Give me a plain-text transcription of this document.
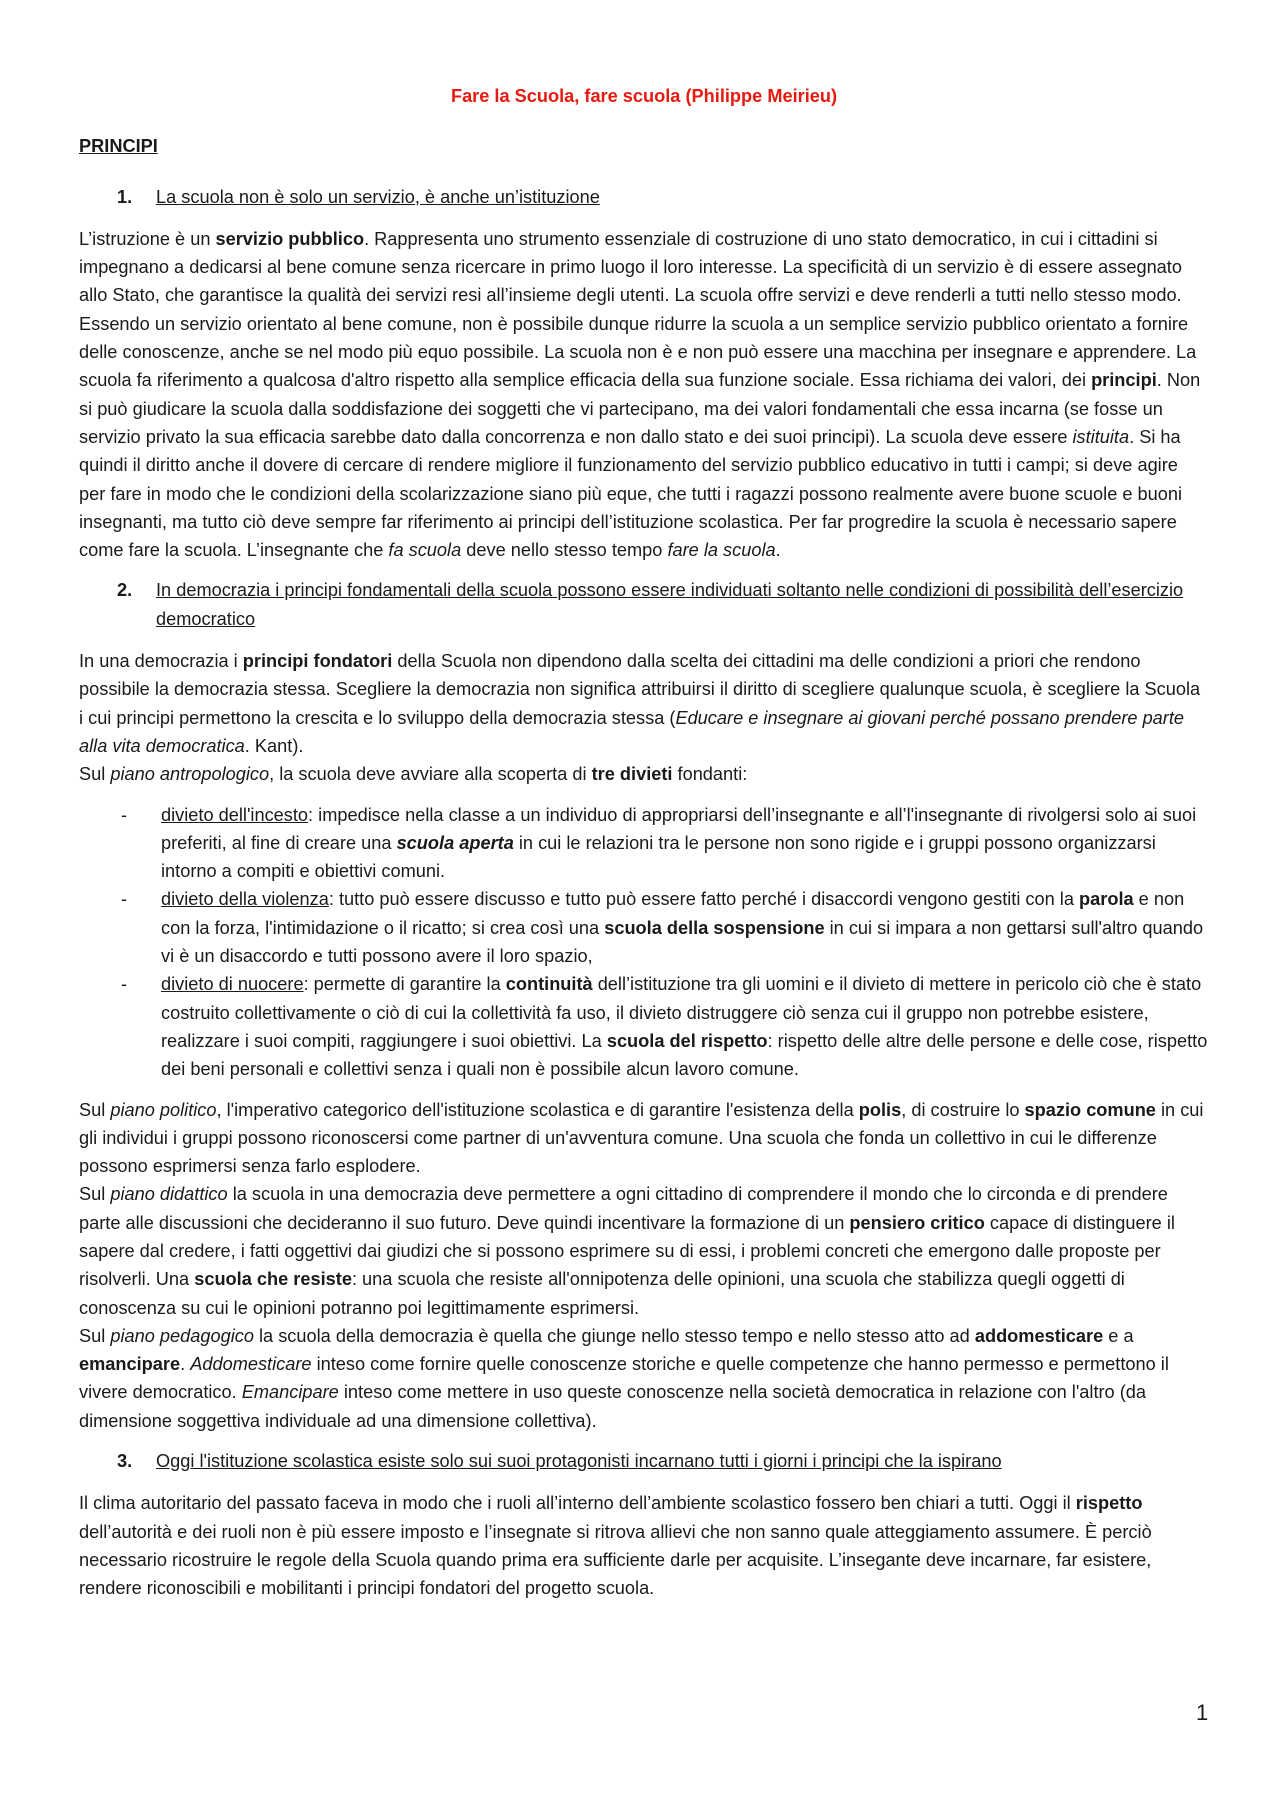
Fare la Scuola, fare scuola (Philippe Meirieu)

PRINCIPI

1.	La scuola non è solo un servizio, è anche un’istituzione

L’istruzione è un servizio pubblico. Rappresenta uno strumento essenziale di costruzione di uno stato democratico, in cui i cittadini si impegnano a dedicarsi al bene comune senza ricercare in primo luogo il loro interesse. La specificità di un servizio è di essere assegnato allo Stato, che garantisce la qualità dei servizi resi all’insieme degli utenti. La scuola offre servizi e deve renderli a tutti nello stesso modo. Essendo un servizio orientato al bene comune, non è possibile dunque ridurre la scuola a un semplice servizio pubblico orientato a fornire delle conoscenze, anche se nel modo più equo possibile. La scuola non è e non può essere una macchina per insegnare e apprendere. La scuola fa riferimento a qualcosa d'altro rispetto alla semplice efficacia della sua funzione sociale. Essa richiama dei valori, dei principi. Non si può giudicare la scuola dalla soddisfazione dei soggetti che vi partecipano, ma dei valori fondamentali che essa incarna (se fosse un servizio privato la sua efficacia sarebbe dato dalla concorrenza e non dallo stato e dei suoi principi). La scuola deve essere istituita. Si ha quindi il diritto anche il dovere di cercare di rendere migliore il funzionamento del servizio pubblico educativo in tutti i campi; si deve agire per fare in modo che le condizioni della scolarizzazione siano più eque, che tutti i ragazzi possono realmente avere buone scuole e buoni insegnanti, ma tutto ciò deve sempre far riferimento ai principi dell’istituzione scolastica. Per far progredire la scuola è necessario sapere come fare la scuola. L’insegnante che fa scuola deve nello stesso tempo fare la scuola.

2.	In democrazia i principi fondamentali della scuola possono essere individuati soltanto nelle condizioni di possibilità dell’esercizio democratico

In una democrazia i principi fondatori della Scuola non dipendono dalla scelta dei cittadini ma delle condizioni a priori che rendono possibile la democrazia stessa. Scegliere la democrazia non significa attribuirsi il diritto di scegliere qualunque scuola, è scegliere la Scuola i cui principi permettono la crescita e lo sviluppo della democrazia stessa (Educare e insegnare ai giovani perché possano prendere parte alla vita democratica. Kant).

Sul piano antropologico, la scuola deve avviare alla scoperta di tre divieti fondanti:

-	divieto dell'incesto: impedisce nella classe a un individuo di appropriarsi dell’insegnante e all’l'insegnante di rivolgersi solo ai suoi preferiti, al fine di creare una scuola aperta in cui le relazioni tra le persone non sono rigide e i gruppi possono organizzarsi intorno a compiti e obiettivi comuni.
-	divieto della violenza: tutto può essere discusso e tutto può essere fatto perché i disaccordi vengono gestiti con la parola e non con la forza, l'intimidazione o il ricatto; si crea così una scuola della sospensione in cui si impara a non gettarsi sull'altro quando vi è un disaccordo e tutti possono avere il loro spazio,
-	divieto di nuocere: permette di garantire la continuità dell’istituzione tra gli uomini e il divieto di mettere in pericolo ciò che è stato costruito collettivamente o ciò di cui la collettività fa uso, il divieto distruggere ciò senza cui il gruppo non potrebbe esistere, realizzare i suoi compiti, raggiungere i suoi obiettivi. La scuola del rispetto: rispetto delle altre delle persone e delle cose, rispetto dei beni personali e collettivi senza i quali non è possibile alcun lavoro comune.

Sul piano politico, l'imperativo categorico dell'istituzione scolastica e di garantire l'esistenza della polis, di costruire lo spazio comune in cui gli individui i gruppi possono riconoscersi come partner di un'avventura comune. Una scuola che fonda un collettivo in cui le differenze possono esprimersi senza farlo esplodere.

Sul piano didattico la scuola in una democrazia deve permettere a ogni cittadino di comprendere il mondo che lo circonda e di prendere parte alle discussioni che decideranno il suo futuro. Deve quindi incentivare la formazione di un pensiero critico capace di distinguere il sapere dal credere, i fatti oggettivi dai giudizi che si possono esprimere su di essi, i problemi concreti che emergono dalle proposte per risolverli. Una scuola che resiste: una scuola che resiste all'onnipotenza delle opinioni, una scuola che stabilizza quegli oggetti di conoscenza su cui le opinioni potranno poi legittimamente esprimersi.

Sul piano pedagogico la scuola della democrazia è quella che giunge nello stesso tempo e nello stesso atto ad addomesticare e a emancipare. Addomesticare inteso come fornire quelle conoscenze storiche e quelle competenze che hanno permesso e permettono il vivere democratico. Emancipare inteso come mettere in uso queste conoscenze nella società democratica in relazione con l'altro (da dimensione soggettiva individuale ad una dimensione collettiva).

3.	Oggi l'istituzione scolastica esiste solo sui suoi protagonisti incarnano tutti i giorni i principi che la ispirano

Il clima autoritario del passato faceva in modo che i ruoli all’interno dell’ambiente scolastico fossero ben chiari a tutti. Oggi il rispetto dell’autorità e dei ruoli non è più essere imposto e l’insegnate si ritrova allievi che non sanno quale atteggiamento assumere. È perciò necessario ricostruire le regole della Scuola quando prima era sufficiente darle per acquisite. L’insegante deve incarnare, far esistere, rendere riconoscibili e mobilitanti i principi fondatori del progetto scuola.

1
